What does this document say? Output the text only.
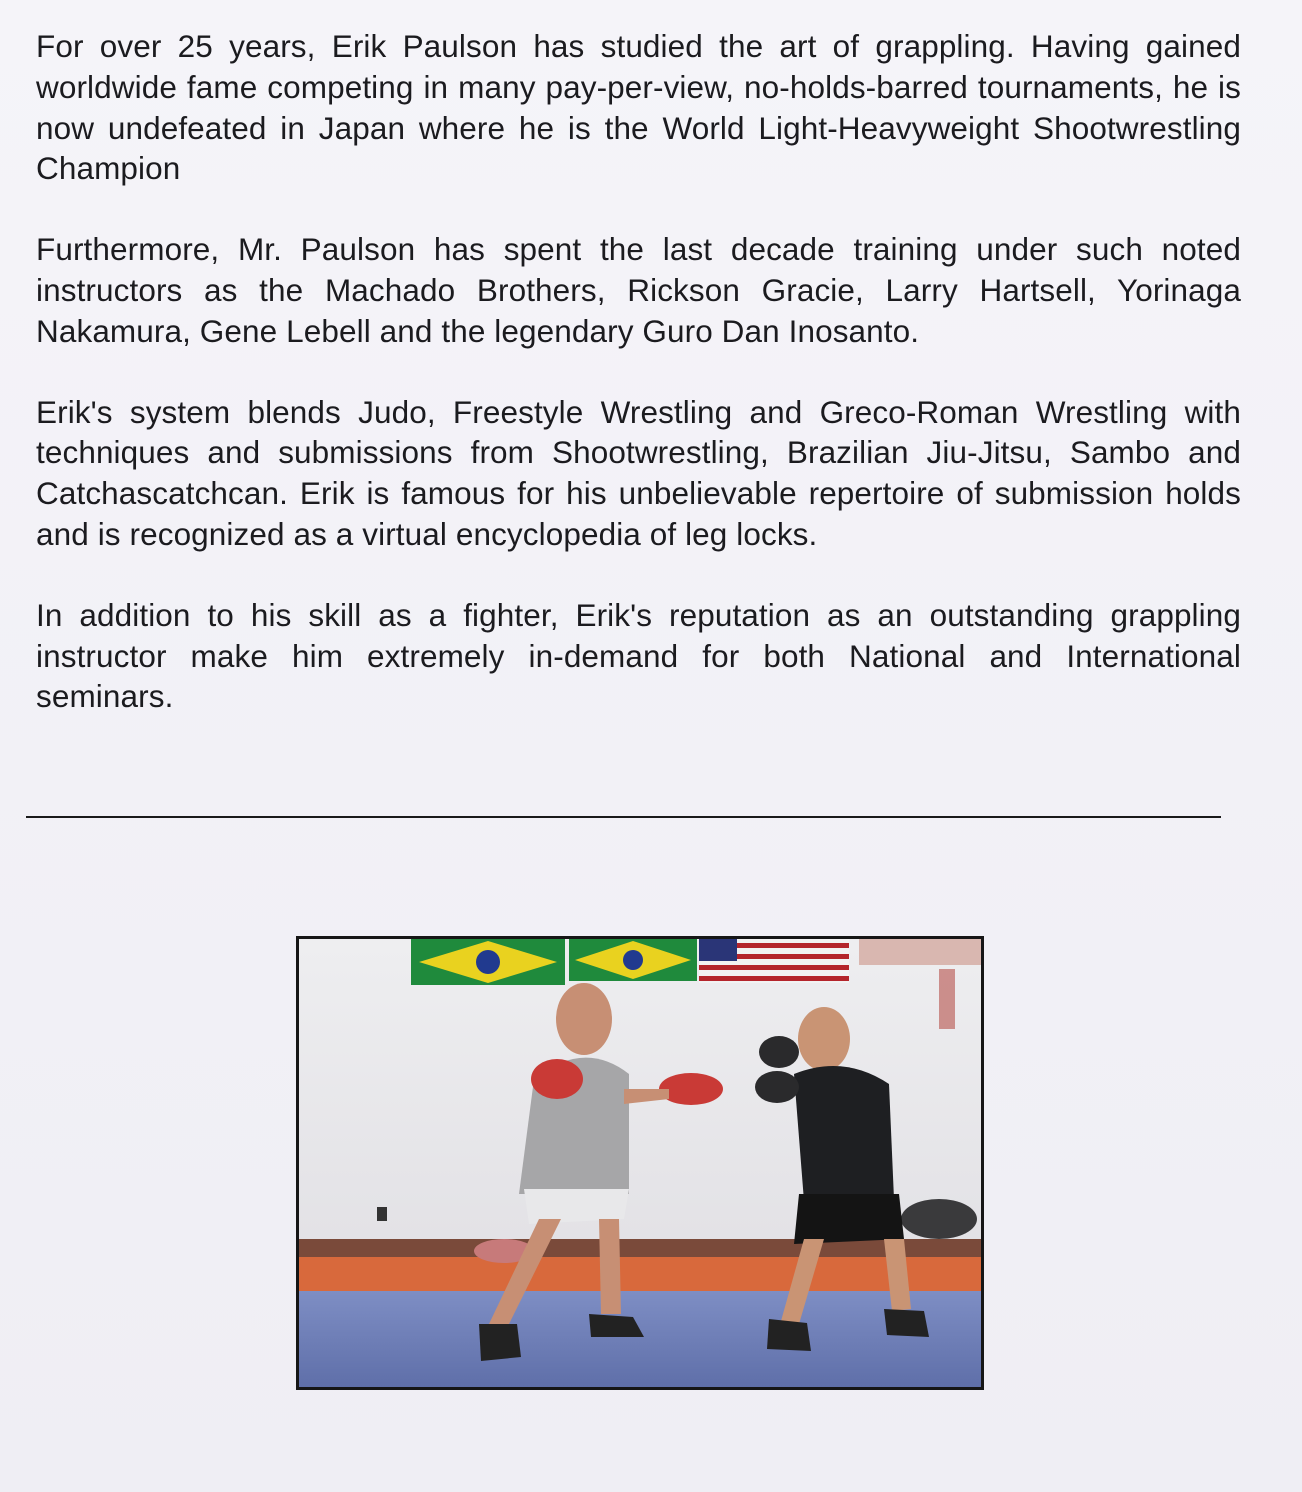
For over 25 years, Erik Paulson has studied the art of grappling. Having gained worldwide fame competing in many pay-per-view, no-holds-barred tournaments, he is now undefeated in Japan where he is the World Light-Heavyweight Shootwrestling Champion

Furthermore, Mr. Paulson has spent the last decade training under such noted instructors as the Machado Brothers, Rickson Gracie, Larry Hartsell, Yorinaga Nakamura, Gene Lebell and the legendary Guro Dan Inosanto.

Erik's system blends Judo, Freestyle Wrestling and Greco-Roman Wrestling with techniques and submissions from Shootwrestling, Brazilian Jiu-Jitsu, Sambo and Catchascatchcan. Erik is famous for his unbelievable repertoire of submission holds and is recognized as a virtual encyclopedia of leg locks.

In addition to his skill as a fighter, Erik's reputation as an outstanding grappling instructor make him extremely in-demand for both National and International seminars.
